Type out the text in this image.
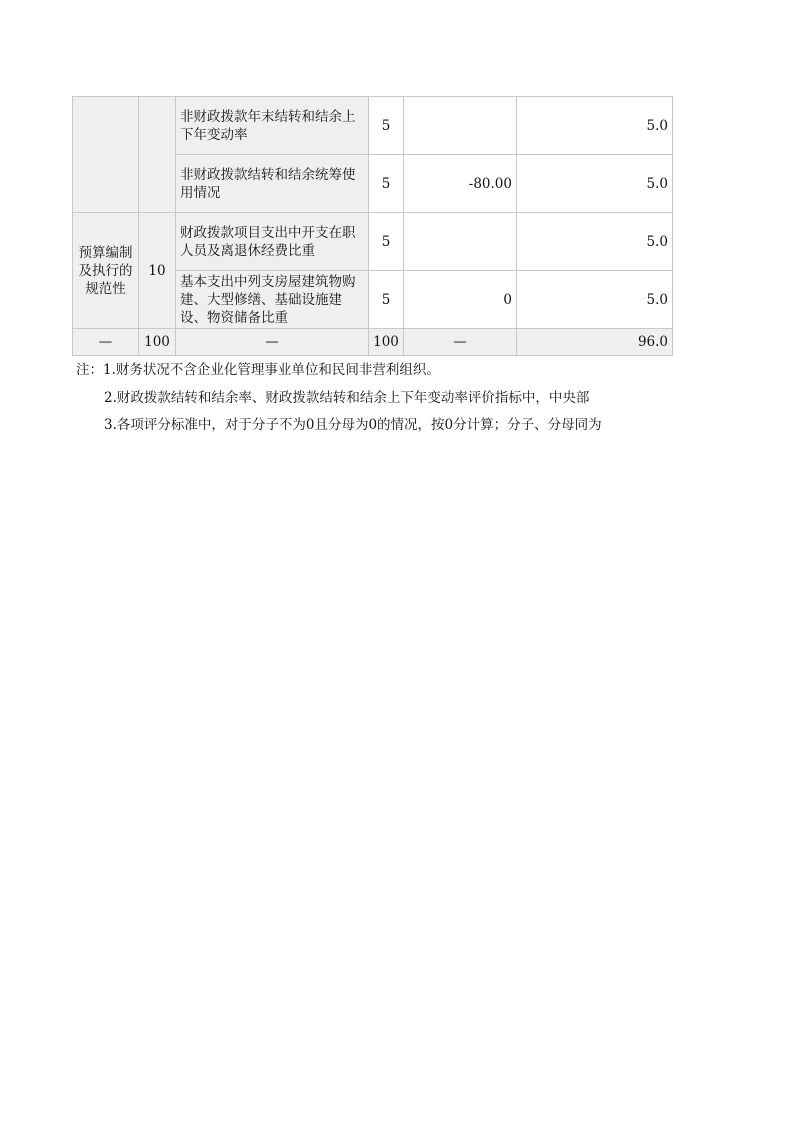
		非财政拨款年末结转和结余上下年变动率	5		5.0
		非财政拨款结转和结余统筹使用情况	5	-80.00	5.0
预算编制及执行的规范性	10	财政拨款项目支出中开支在职人员及离退休经费比重	5		5.0
		基本支出中列支房屋建筑物购建、大型修缮、基础设施建设、物资储备比重	5	0	5.0
—	100	—	100	—	96.0
注：1.财务状况不含企业化管理事业单位和民间非营利组织。
2.财政拨款结转和结余率、财政拨款结转和结余上下年变动率评价指标中，中央部
3.各项评分标准中，对于分子不为0且分母为0的情况，按0分计算；分子、分母同为
